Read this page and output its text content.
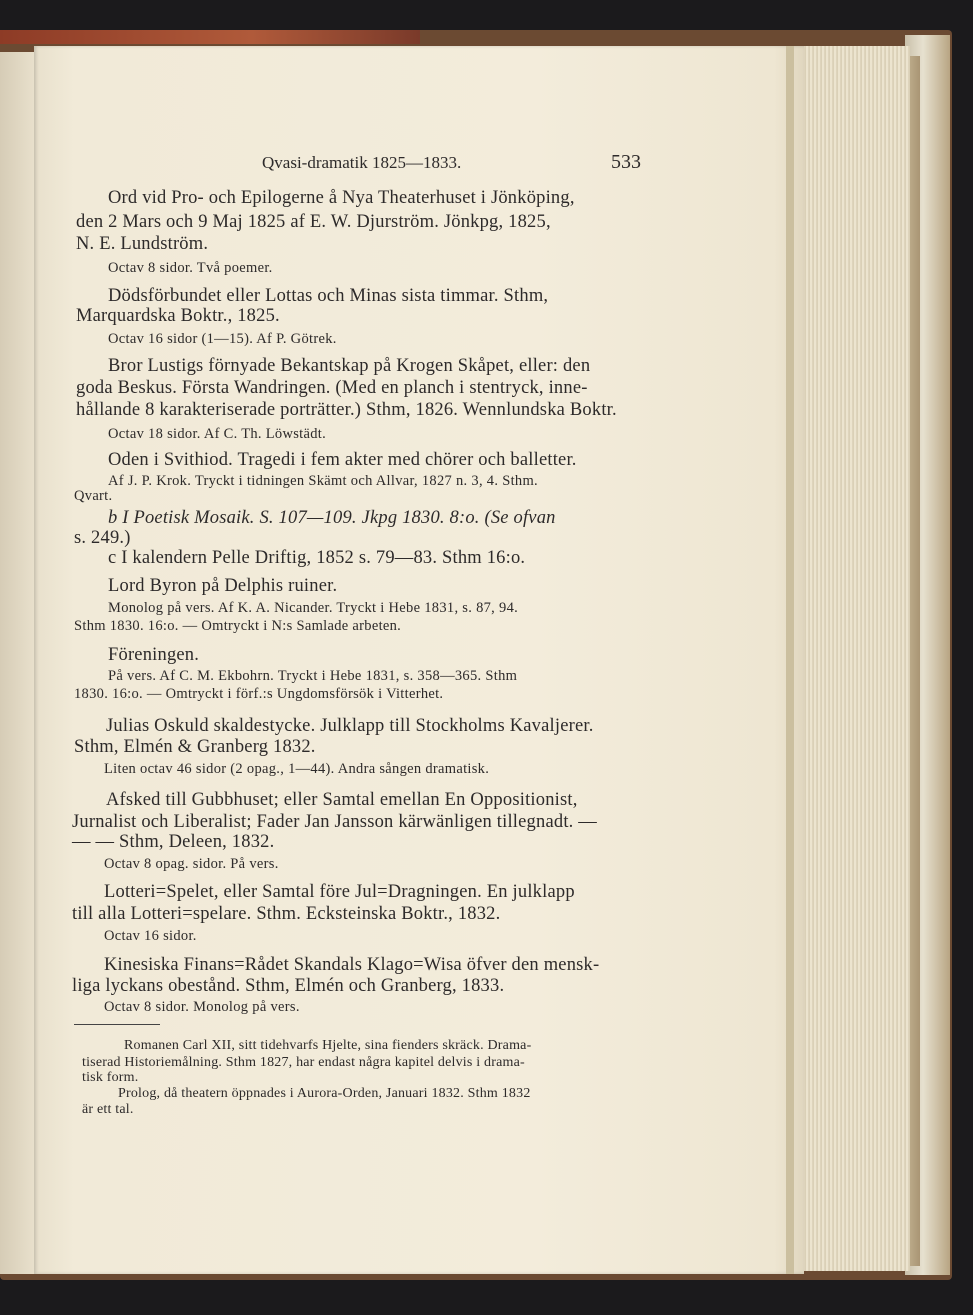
Qvasi-dramatik 1825—1833.	533
Ord vid Pro- och Epilogerne å Nya Theaterhuset i Jönköping,
den 2 Mars och 9 Maj 1825 af E. W. Djurström. Jönkpg, 1825,
N. E. Lundström.
Octav 8 sidor. Två poemer.
Dödsförbundet eller Lottas och Minas sista timmar. Sthm,
Marquardska Boktr., 1825.
Octav 16 sidor (1—15). Af P. Götrek.
Bror Lustigs förnyade Bekantskap på Krogen Skåpet, eller: den
goda Beskus. Första Wandringen. (Med en planch i stentryck, inne-
hållande 8 karakteriserade porträtter.) Sthm, 1826. Wennlundska Boktr.
Octav 18 sidor. Af C. Th. Löwstädt.
Oden i Svithiod. Tragedi i fem akter med chörer och balletter.
Af J. P. Krok. Tryckt i tidningen Skämt och Allvar, 1827 n. 3, 4. Sthm.
Qvart.
b I Poetisk Mosaik. S. 107—109. Jkpg 1830. 8:o. (Se ofvan
s. 249.)
c I kalendern Pelle Driftig, 1852 s. 79—83. Sthm 16:o.
Lord Byron på Delphis ruiner.
Monolog på vers. Af K. A. Nicander. Tryckt i Hebe 1831, s. 87, 94.
Sthm 1830. 16:o. — Omtryckt i N:s Samlade arbeten.
Föreningen.
På vers. Af C. M. Ekbohrn. Tryckt i Hebe 1831, s. 358—365. Sthm
1830. 16:o. — Omtryckt i förf.:s Ungdomsförsök i Vitterhet.
Julias Oskuld skaldestycke. Julklapp till Stockholms Kavaljerer.
Sthm, Elmén & Granberg 1832.
Liten octav 46 sidor (2 opag., 1—44). Andra sången dramatisk.
Afsked till Gubbhuset; eller Samtal emellan En Oppositionist,
Jurnalist och Liberalist; Fader Jan Jansson kärwänligen tillegnadt. —
— — Sthm, Deleen, 1832.
Octav 8 opag. sidor. På vers.
Lotteri=Spelet, eller Samtal före Jul=Dragningen. En julklapp
till alla Lotteri=spelare. Sthm. Ecksteinska Boktr., 1832.
Octav 16 sidor.
Kinesiska Finans=Rådet Skandals Klago=Wisa öfver den mensk-
liga lyckans obestånd. Sthm, Elmén och Granberg, 1833.
Octav 8 sidor. Monolog på vers.
Romanen Carl XII, sitt tidehvarfs Hjelte, sina fienders skräck. Drama-
tiserad Historiemålning. Sthm 1827, har endast några kapitel delvis i drama-
tisk form.
Prolog, då theatern öppnades i Aurora-Orden, Januari 1832. Sthm 1832
är ett tal.
